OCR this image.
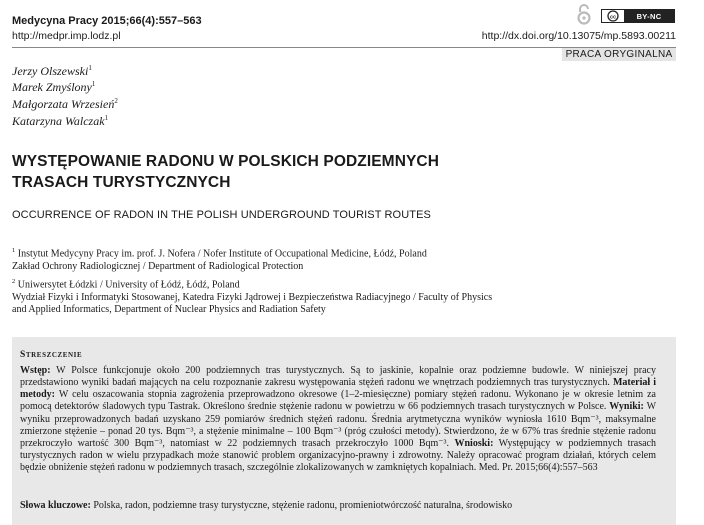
Medycyna Pracy 2015;66(4):557–563
http://medpr.imp.lodz.pl	http://dx.doi.org/10.13075/mp.5893.00211
cc	BY-NC
PRACA ORYGINALNA
Jerzy Olszewski$^1$
Marek Zmyślony$^1$
Małgorzata Wrzesień$^2$
Katarzyna Walczak$^1$
WYSTĘPOWANIE RADONU W POLSKICH PODZIEMNYCH
TRASACH TURYSTYCZNYCH
OCCURRENCE OF RADON IN THE POLISH UNDERGROUND TOURIST ROUTES
$^1$ Instytut Medycyny Pracy im. prof. J. Nofera / Nofer Institute of Occupational Medicine, Łódź, Poland
Zakład Ochrony Radiologicznej / Department of Radiological Protection
$^2$ Uniwersytet Łódzki / University of Łódź, Łódź, Poland
Wydział Fizyki i Informatyki Stosowanej, Katedra Fizyki Jądrowej i Bezpieczeństwa Radiacyjnego / Faculty of Physics
and Applied Informatics, Department of Nuclear Physics and Radiation Safety
Streszczenie

Wstęp: W Polsce funkcjonuje około 200 podziemnych tras turystycznych. Są to jaskinie, kopalnie oraz podziemne budowle. W niniejszej pracy przedstawiono wyniki badań mających na celu rozpoznanie zakresu występowania stężeń radonu we wnętrzach podziemnych tras turystycznych. Materiał i metody: W celu oszacowania stopnia zagrożenia przeprowadzono okresowe (1–2-miesięczne) pomiary stężeń radonu. Wykonano je w okresie letnim za pomocą detektorów śladowych typu Tastrak. Określono średnie stężenie radonu w powietrzu w 66 podziemnych trasach turystycznych w Polsce. Wyniki: W wyniku przeprowadzonych badań uzyskano 259 pomiarów średnich stężeń radonu. Średnia arytmetyczna wyników wyniosła 1610 Bqm⁻³, maksymalne zmierzone stężenie – ponad 20 tys. Bqm⁻³, a stężenie minimalne – 100 Bqm⁻³ (próg czułości metody). Stwierdzono, że w 67% tras średnie stężenie radonu przekroczyło wartość 300 Bqm⁻³, natomiast w 22 podziemnych trasach przekroczyło 1000 Bqm⁻³. Wnioski: Występujący w podziemnych trasach turystycznych radon w wielu przypadkach może stanowić problem organizacyjno-prawny i zdrowotny. Należy opracować program działań, których celem będzie obniżenie stężeń radonu w podziemnych trasach, szczególnie zlokalizowanych w zamkniętych kopalniach. Med. Pr. 2015;66(4):557–563

Słowa kluczowe: Polska, radon, podziemne trasy turystyczne, stężenie radonu, promieniotwórczość naturalna, środowisko
